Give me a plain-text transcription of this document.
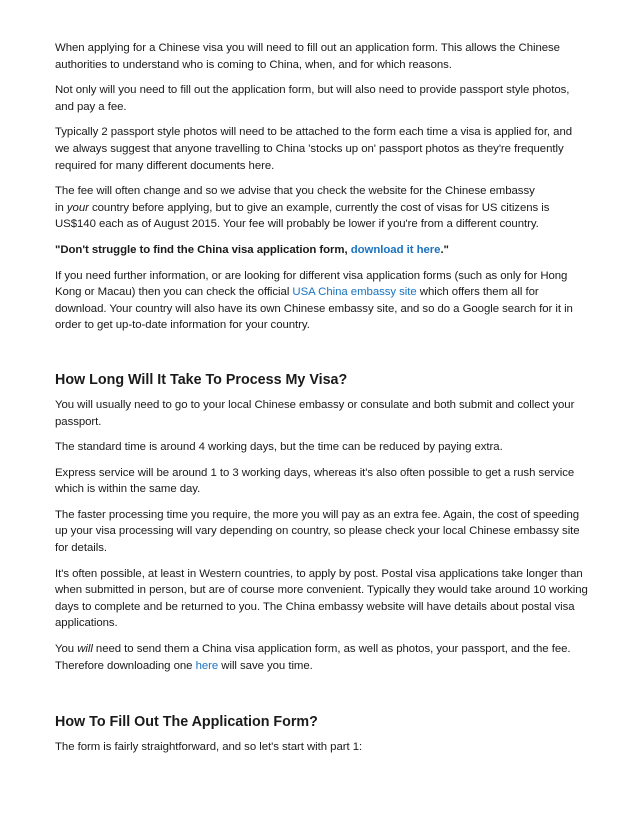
When applying for a Chinese visa you will need to fill out an application form. This allows the Chinese
authorities to understand who is coming to China, when, and for which reasons.

Not only will you need to fill out the application form, but will also need to provide passport style photos,
and pay a fee.

Typically 2 passport style photos will need to be attached to the form each time a visa is applied for, and
we always suggest that anyone travelling to China 'stocks up on' passport photos as they're frequently
required for many different documents here.

The fee will often change and so we advise that you check the website for the Chinese embassy
in your country before applying, but to give an example, currently the cost of visas for US citizens is
US$140 each as of August 2015. Your fee will probably be lower if you're from a different country.

"Don't struggle to find the China visa application form, download it here."

If you need further information, or are looking for different visa application forms (such as only for Hong
Kong or Macau) then you can check the official USA China embassy site which offers them all for
download. Your country will also have its own Chinese embassy site, and so do a Google search for it in
order to get up-to-date information for your country.

How Long Will It Take To Process My Visa?

You will usually need to go to your local Chinese embassy or consulate and both submit and collect your
passport.

The standard time is around 4 working days, but the time can be reduced by paying extra.

Express service will be around 1 to 3 working days, whereas it's also often possible to get a rush service
which is within the same day.

The faster processing time you require, the more you will pay as an extra fee. Again, the cost of speeding
up your visa processing will vary depending on country, so please check your local Chinese embassy site
for details.

It's often possible, at least in Western countries, to apply by post. Postal visa applications take longer than
when submitted in person, but are of course more convenient. Typically they would take around 10 working
days to complete and be returned to you. The China embassy website will have details about postal visa
applications.

You will need to send them a China visa application form, as well as photos, your passport, and the fee.
Therefore downloading one here will save you time.

How To Fill Out The Application Form?

The form is fairly straightforward, and so let's start with part 1:
